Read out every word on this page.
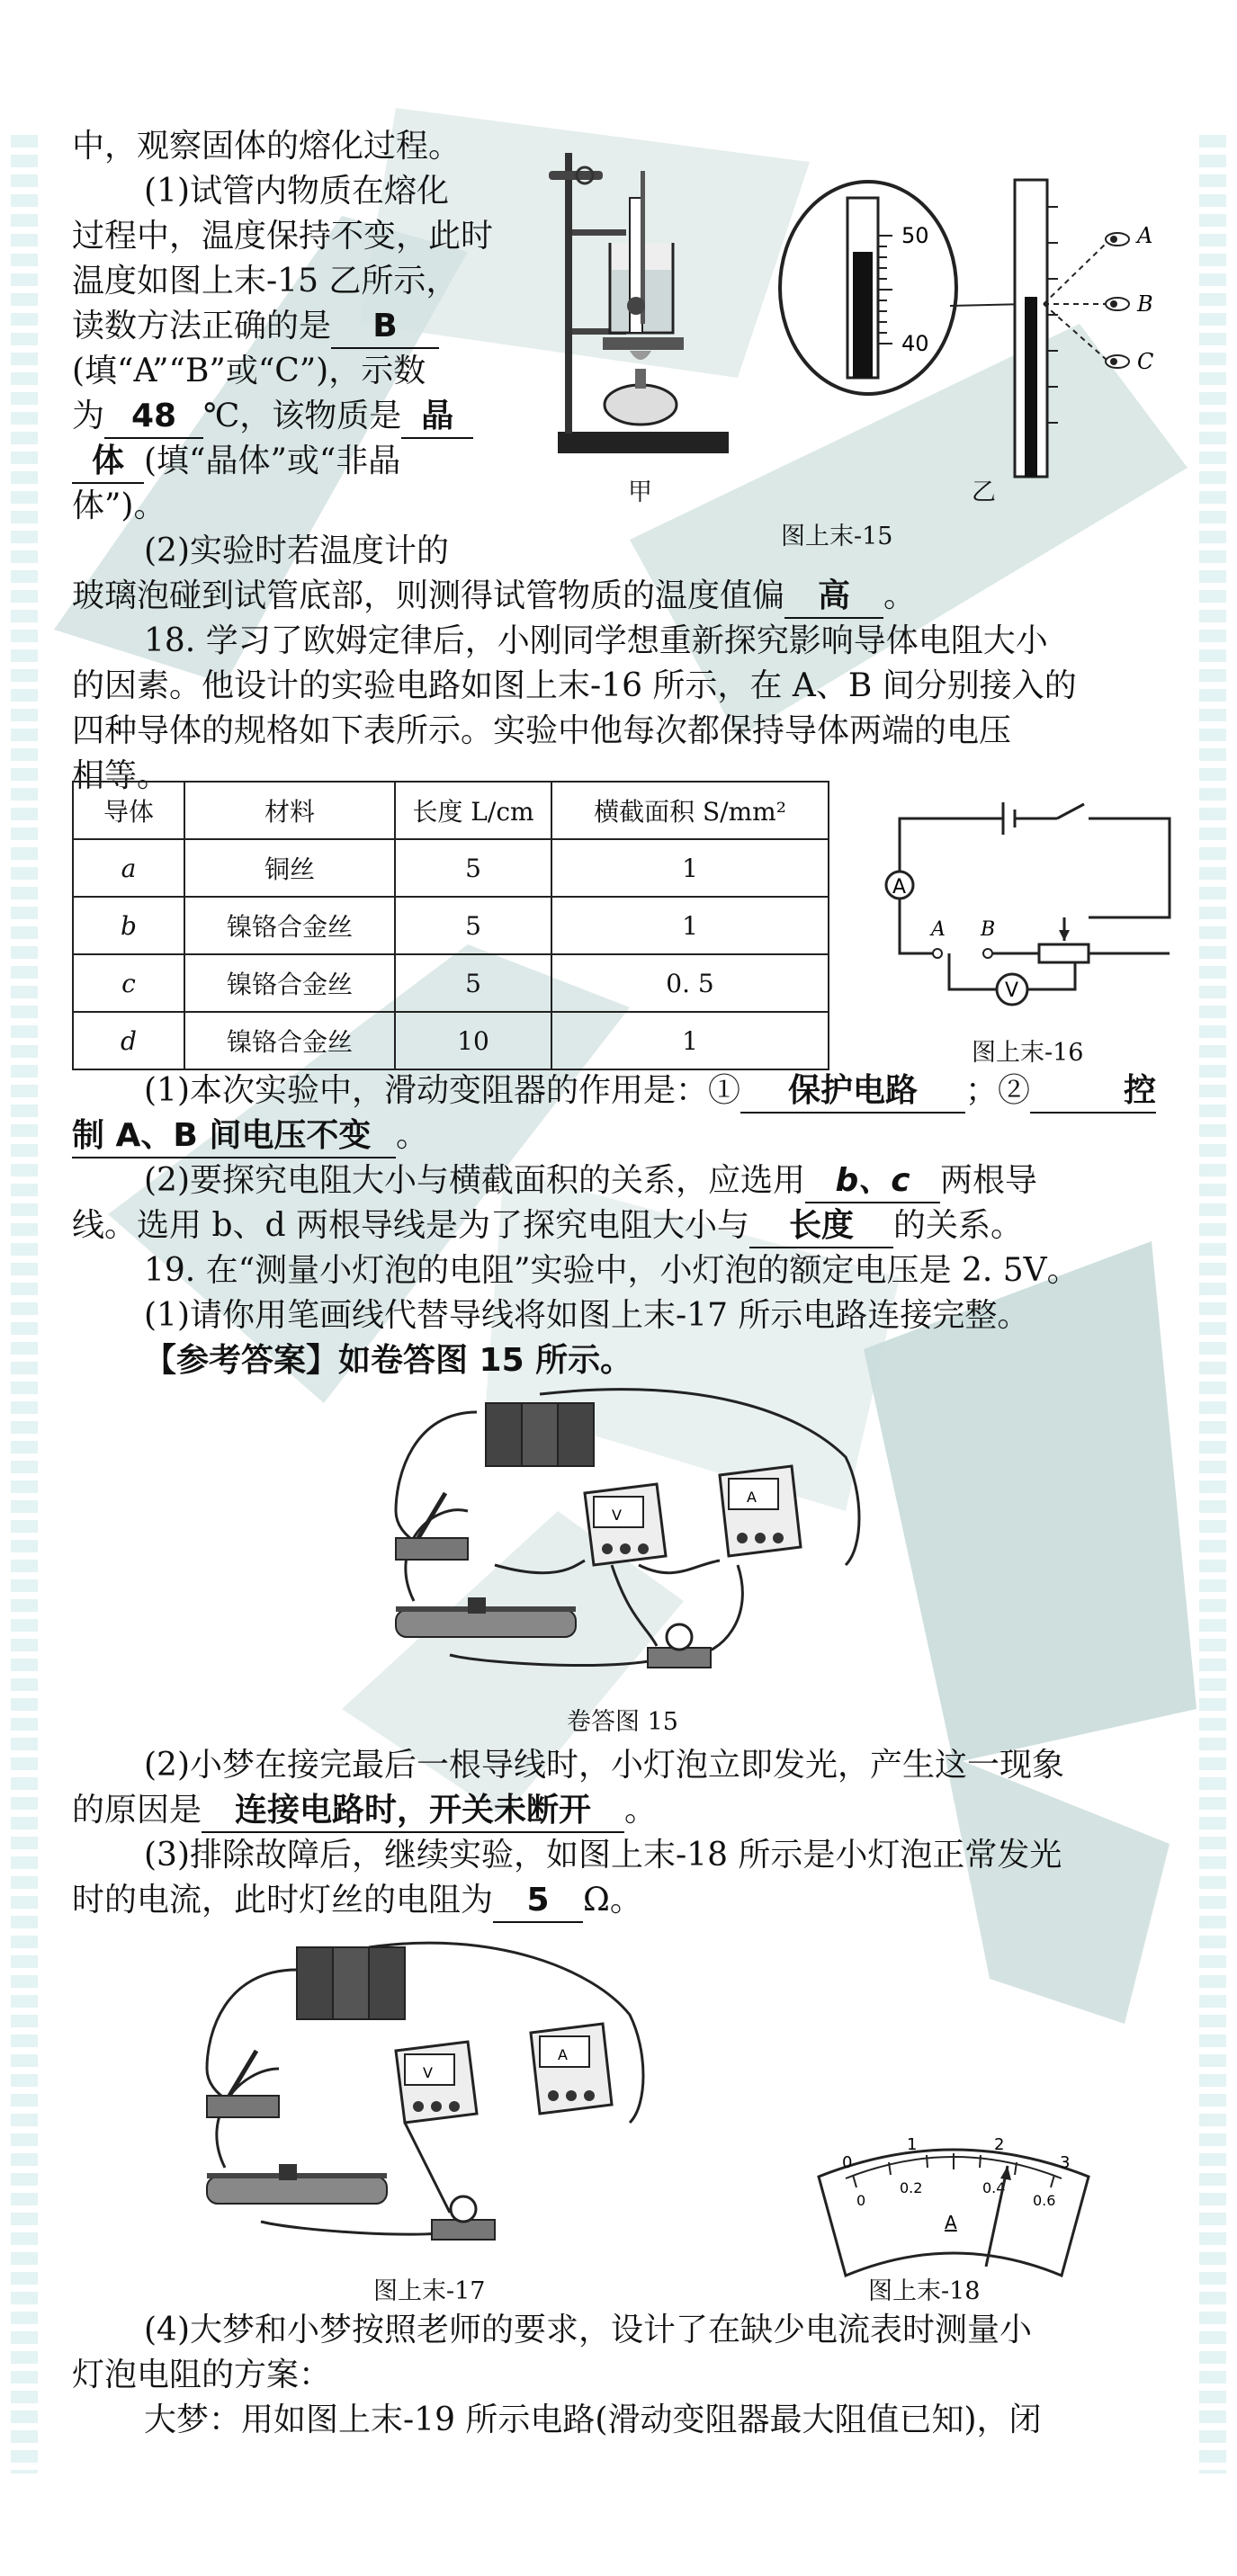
中，观察固体的熔化过程。
(1)试管内物质在熔化
过程中，温度保持不变，此时
温度如图上末-15 乙所示，
读数方法正确的是 B
(填“A”“B”或“C”)，示数
为 48 ℃，该物质是 晶
体 (填“晶体”或“非晶
体”)。
(2)实验时若温度计的
玻璃泡碰到试管底部，则测得试管物质的温度值偏 高 。
甲
50
40
A
B
C
乙
图上末-15
18. 学习了欧姆定律后，小刚同学想重新探究影响导体电阻大小
的因素。他设计的实验电路如图上末-16 所示，在 A、B 间分别接入的
四种导体的规格如下表所示。实验中他每次都保持导体两端的电压
相等。
导体	材料	长度 L/cm	横截面积 S/mm²
a	铜丝	5	1
b	镍铬合金丝	5	1
c	镍铬合金丝	5	0. 5
d	镍铬合金丝	10	1
A
V
A B
图上末-16
(1)本次实验中，滑动变阻器的作用是：① 保护电路 ；②	控
制 A、B 间电压不变 。
(2)要探究电阻大小与横截面积的关系，应选用 b、c 两根导
线。选用 b、d 两根导线是为了探究电阻大小与 长度 的关系。
19. 在“测量小灯泡的电阻”实验中，小灯泡的额定电压是 2. 5V。
(1)请你用笔画线代替导线将如图上末-17 所示电路连接完整。
【参考答案】如卷答图 15 所示。
V
A
卷答图 15
(2)小梦在接完最后一根导线时，小灯泡立即发光，产生这一现象
的原因是 连接电路时，开关未断开 。
(3)排除故障后，继续实验，如图上末-18 所示是小灯泡正常发光
时的电流，此时灯丝的电阻为 5 Ω。
V
A
0
1	2
3
0
0.2	0.4
0.6
A
图上末-17	图上末-18
(4)大梦和小梦按照老师的要求，设计了在缺少电流表时测量小
灯泡电阻的方案：
大梦：用如图上末-19 所示电路(滑动变阻器最大阻值已知)，闭
